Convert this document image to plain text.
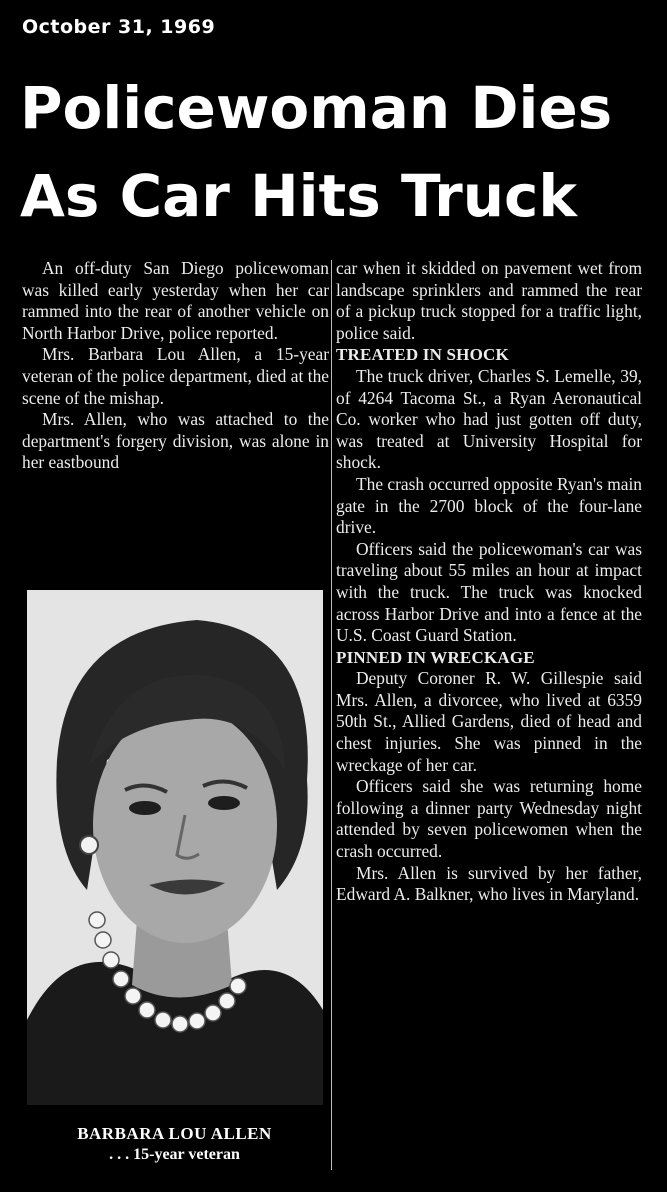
October 31, 1969
Policewoman Dies
As Car Hits Truck

An off-duty San Diego policewoman was killed early yesterday when her car rammed into the rear of another vehicle on North Harbor Drive, police reported.

Mrs. Barbara Lou Allen, a 15-year veteran of the police department, died at the scene of the mishap.

Mrs. Allen, who was attached to the department's forgery division, was alone in her eastbound

BARBARA LOU ALLEN
. . . 15-year veteran

car when it skidded on pavement wet from landscape sprinklers and rammed the rear of a pickup truck stopped for a traffic light, police said.

TREATED IN SHOCK

The truck driver, Charles S. Lemelle, 39, of 4264 Tacoma St., a Ryan Aeronautical Co. worker who had just gotten off duty, was treated at University Hospital for shock.

The crash occurred opposite Ryan's main gate in the 2700 block of the four-lane drive.

Officers said the policewoman's car was traveling about 55 miles an hour at impact with the truck. The truck was knocked across Harbor Drive and into a fence at the U.S. Coast Guard Station.

PINNED IN WRECKAGE

Deputy Coroner R. W. Gillespie said Mrs. Allen, a divorcee, who lived at 6359 50th St., Allied Gardens, died of head and chest injuries. She was pinned in the wreckage of her car.

Officers said she was returning home following a dinner party Wednesday night attended by seven policewomen when the crash occurred.

Mrs. Allen is survived by her father, Edward A. Balkner, who lives in Maryland.
